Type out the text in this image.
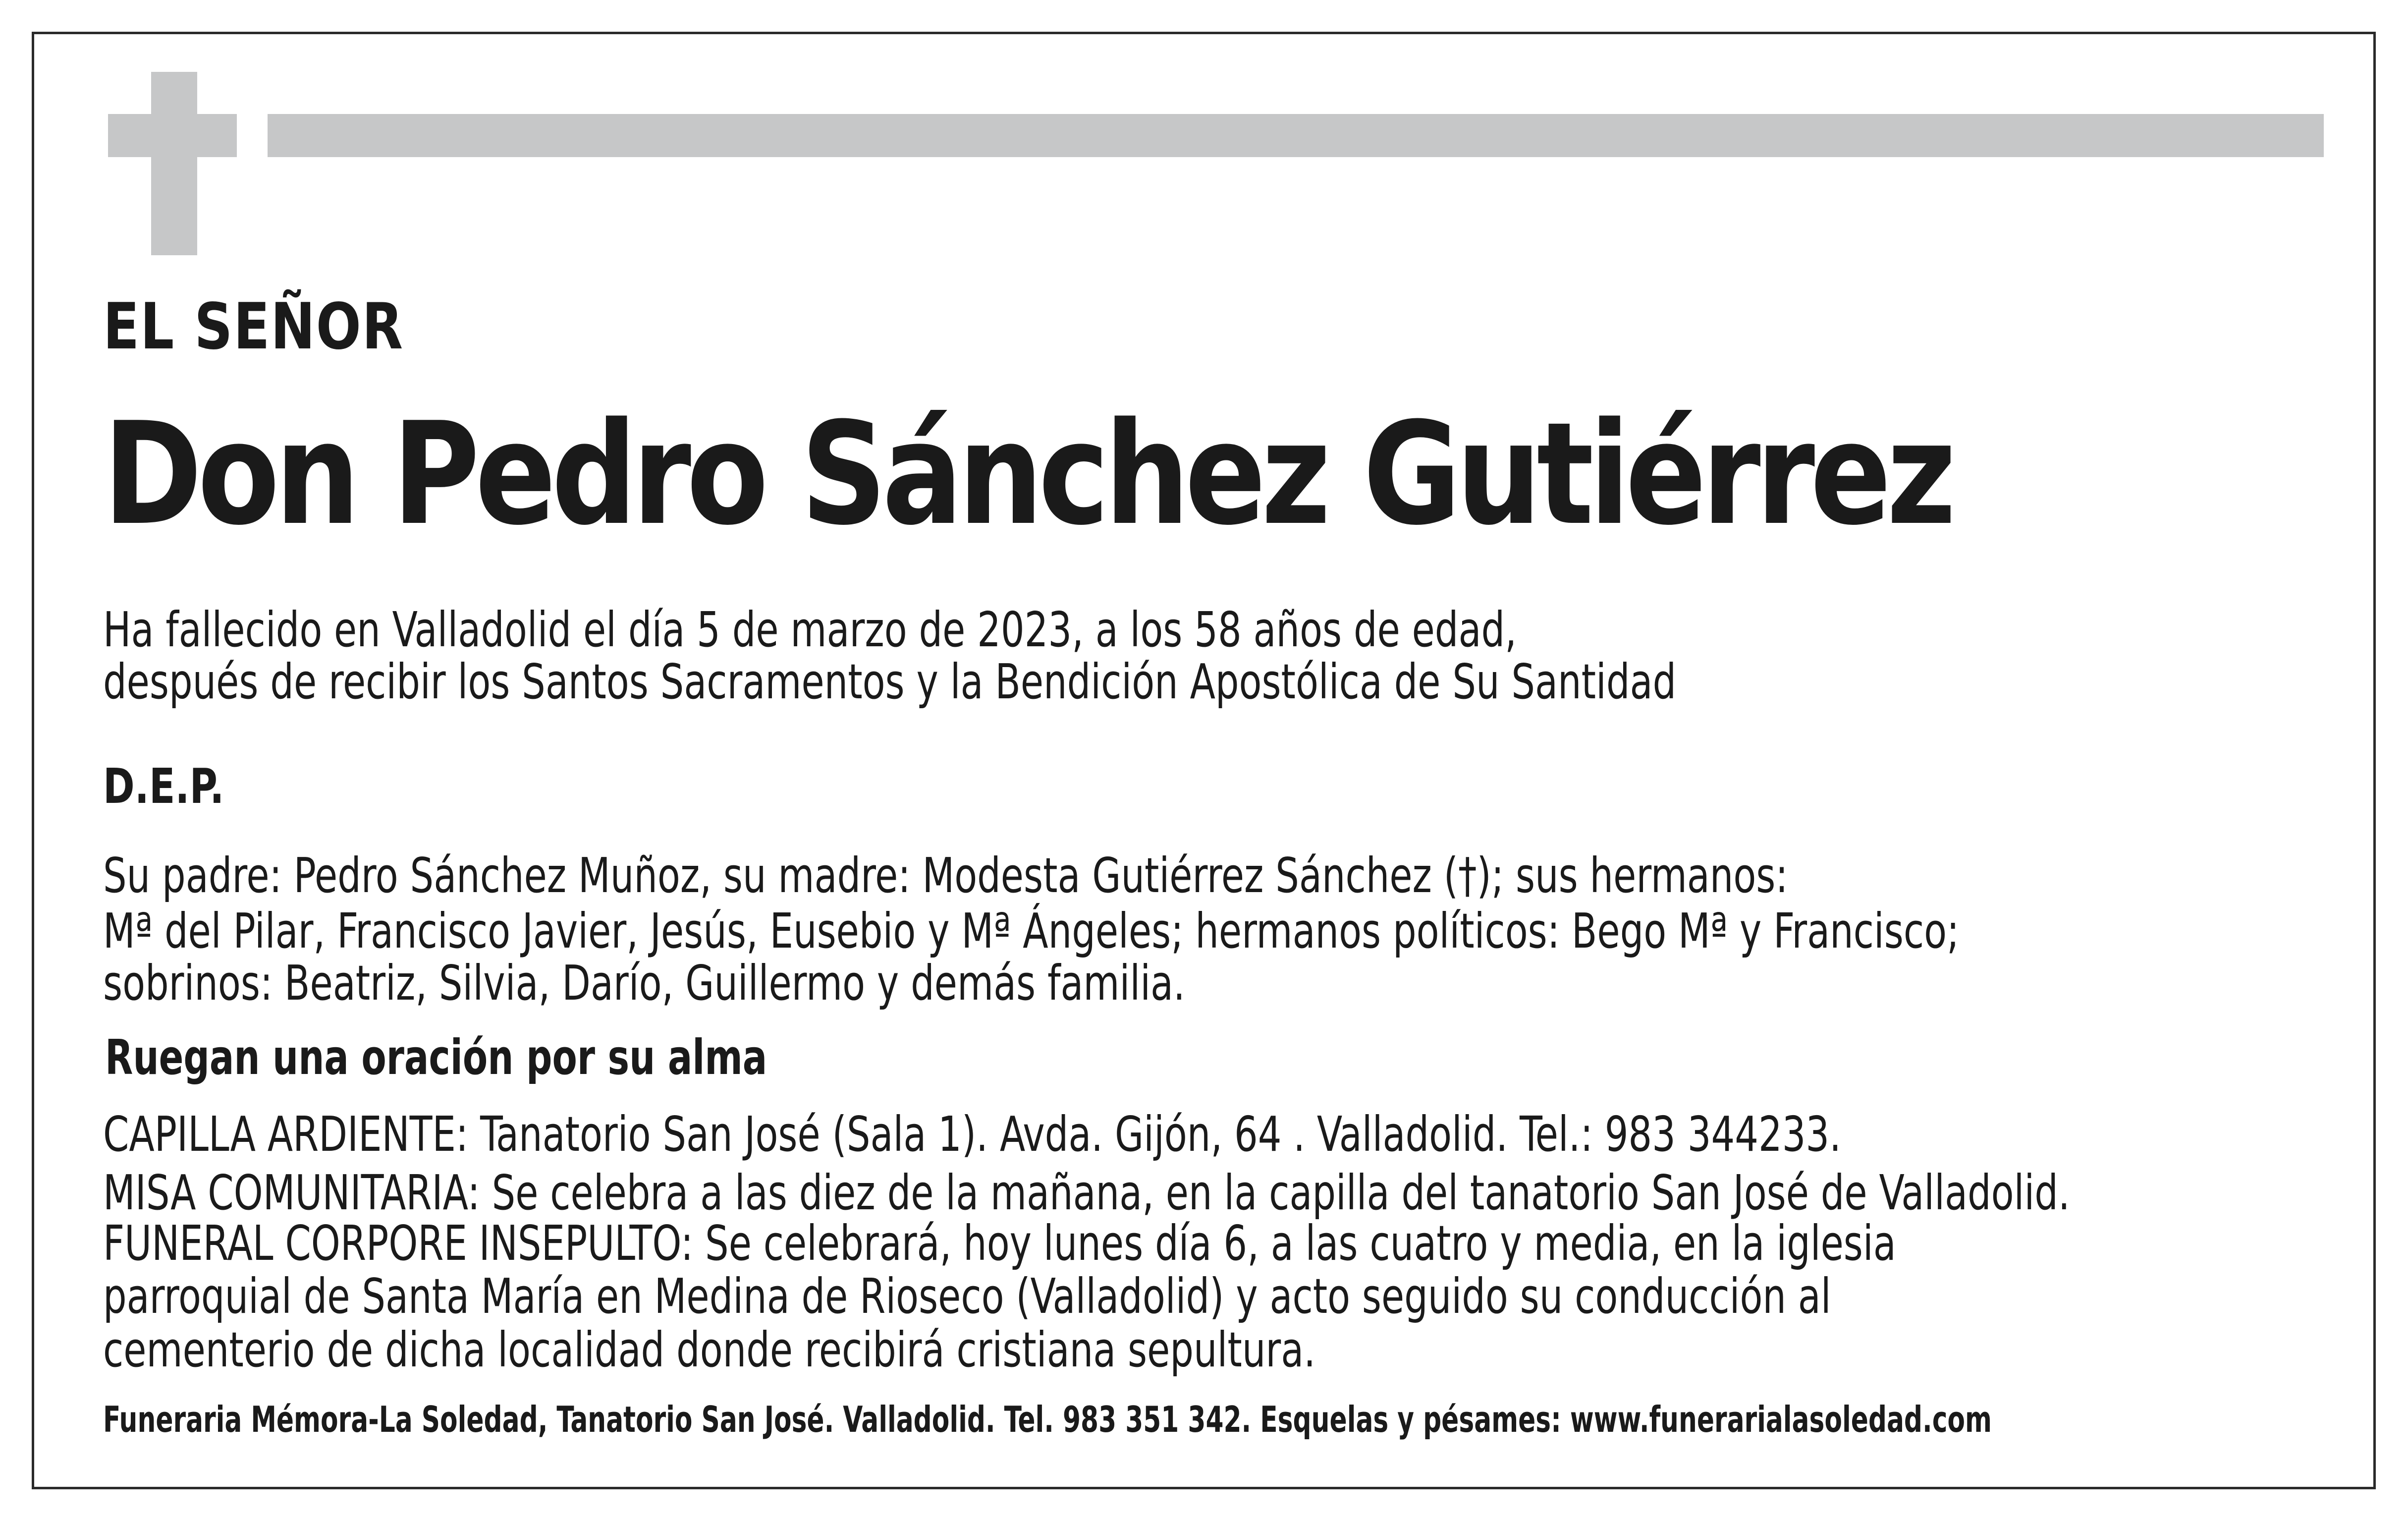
EL SEÑOR

Don Pedro Sánchez Gutiérrez

Ha fallecido en Valladolid el día 5 de marzo de 2023, a los 58 años de edad,

después de recibir los Santos Sacramentos y la Bendición Apostólica de Su Santidad

D.E.P.

Su padre: Pedro Sánchez Muñoz, su madre: Modesta Gutiérrez Sánchez (†); sus hermanos:

Mª del Pilar, Francisco Javier, Jesús, Eusebio y Mª Ángeles; hermanos políticos: Bego Mª y Francisco;

sobrinos: Beatriz, Silvia, Darío, Guillermo y demás familia.

Ruegan una oración por su alma

CAPILLA ARDIENTE: Tanatorio San José (Sala 1). Avda. Gijón, 64 . Valladolid. Tel.: 983 344233.

MISA COMUNITARIA: Se celebra a las diez de la mañana, en la capilla del tanatorio San José de Valladolid.

FUNERAL CORPORE INSEPULTO: Se celebrará, hoy lunes día 6, a las cuatro y media, en la iglesia

parroquial de Santa María en Medina de Rioseco (Valladolid) y acto seguido su conducción al

cementerio de dicha localidad donde recibirá cristiana sepultura.

Funeraria Mémora-La Soledad, Tanatorio San José. Valladolid. Tel. 983 351 342. Esquelas y pésames: www.funerarialasoledad.com
